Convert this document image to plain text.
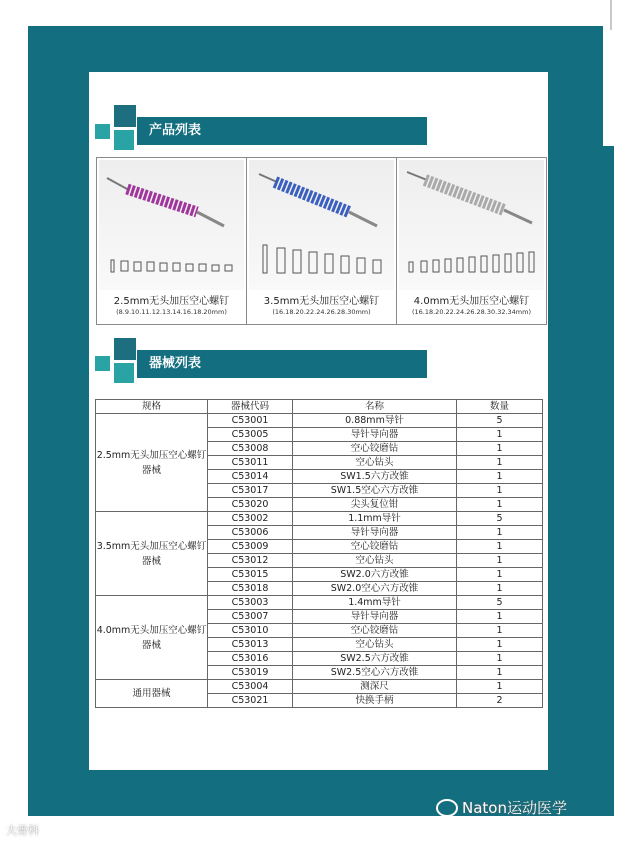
产品列表
2.5mm无头加压空心螺钉
(8.9.10.11.12.13.14.16.18.20mm)
3.5mm无头加压空心螺钉
(16.18.20.22.24.26.28.30mm)
4.0mm无头加压空心螺钉
(16.18.20.22.24.26.28.30.32.34mm)
器械列表
规格	器械代码	名称	数量
2.5mm无头加压空心螺钉器械	C53001	0.88mm导针	5
	C53005	导针导向器	1
	C53008	空心铰磨钻	1
	C53011	空心钻头	1
	C53014	SW1.5六方改锥	1
	C53017	SW1.5空心六方改锥	1
	C53020	尖头复位钳	1
3.5mm无头加压空心螺钉器械	C53002	1.1mm导针	5
	C53006	导针导向器	1
	C53009	空心铰磨钻	1
	C53012	空心钻头	1
	C53015	SW2.0六方改锥	1
	C53018	SW2.0空心六方改锥	1
4.0mm无头加压空心螺钉器械	C53003	1.4mm导针	5
	C53007	导针导向器	1
	C53010	空心铰磨钻	1
	C53013	空心钻头	1
	C53016	SW2.5六方改锥	1
	C53019	SW2.5空心六方改锥	1
通用器械	C53004	测深尺	1
	C53021	快换手柄	2
Naton运动医学
大骨科
